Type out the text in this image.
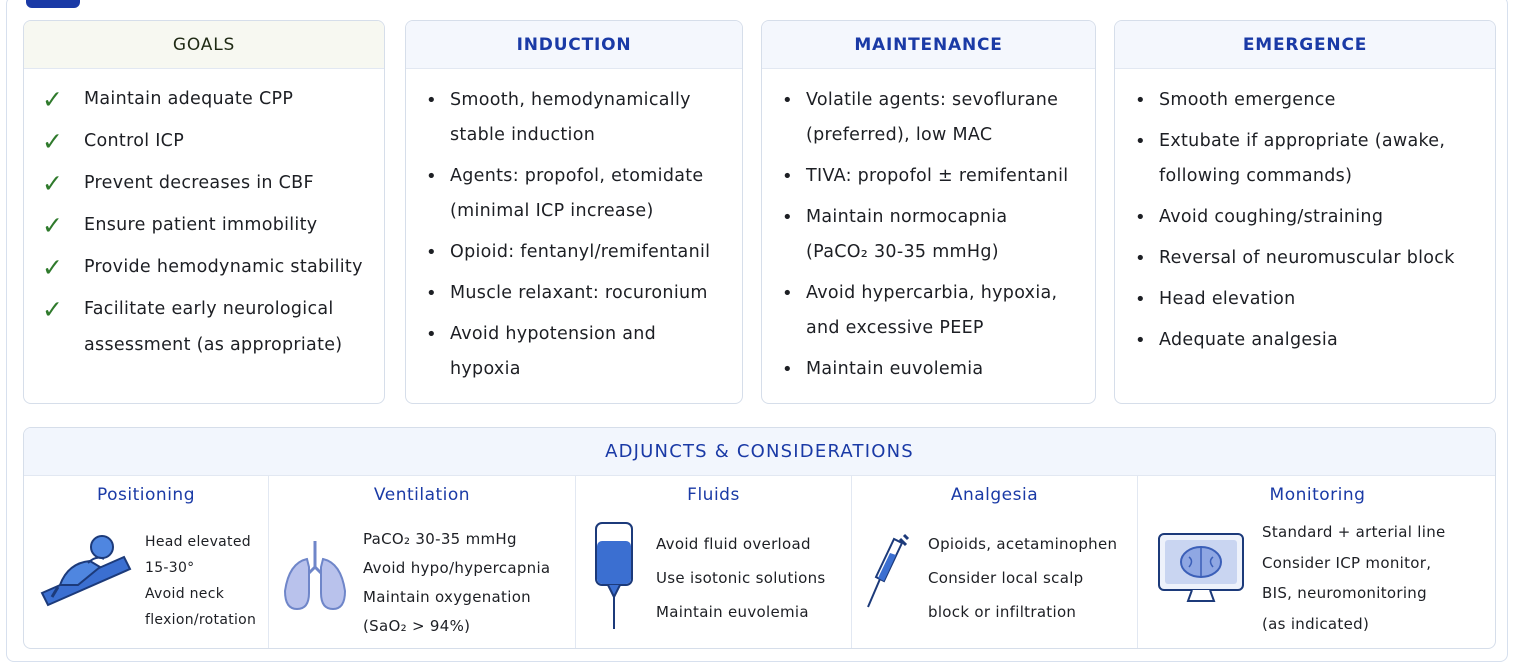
GOALS
✓	Maintain adequate CPP
✓	Control ICP
✓	Prevent decreases in CBF
✓	Ensure patient immobility
✓	Provide hemodynamic stability
✓	Facilitate early neurological assessment (as appropriate)
INDUCTION
• Smooth, hemodynamically stable induction
• Agents: propofol, etomidate (minimal ICP increase)
• Opioid: fentanyl/remifentanil
• Muscle relaxant: rocuronium
• Avoid hypotension and hypoxia
MAINTENANCE
• Volatile agents: sevoflurane (preferred), low MAC
• TIVA: propofol ± remifentanil
• Maintain normocapnia (PaCO₂ 30-35 mmHg)
• Avoid hypercarbia, hypoxia, and excessive PEEP
• Maintain euvolemia
EMERGENCE
• Smooth emergence
• Extubate if appropriate (awake, following commands)
• Avoid coughing/straining
• Reversal of neuromuscular block
• Head elevation
• Adequate analgesia
ADJUNCTS & CONSIDERATIONS
Positioning
Head elevated
15-30°
Avoid neck
flexion/rotation
Ventilation
PaCO₂ 30-35 mmHg
Avoid hypo/hypercapnia
Maintain oxygenation
(SaO₂ > 94%)
Fluids
Avoid fluid overload
Use isotonic solutions
Maintain euvolemia
Analgesia
Opioids, acetaminophen
Consider local scalp
block or infiltration
Monitoring
Standard + arterial line
Consider ICP monitor,
BIS, neuromonitoring
(as indicated)
